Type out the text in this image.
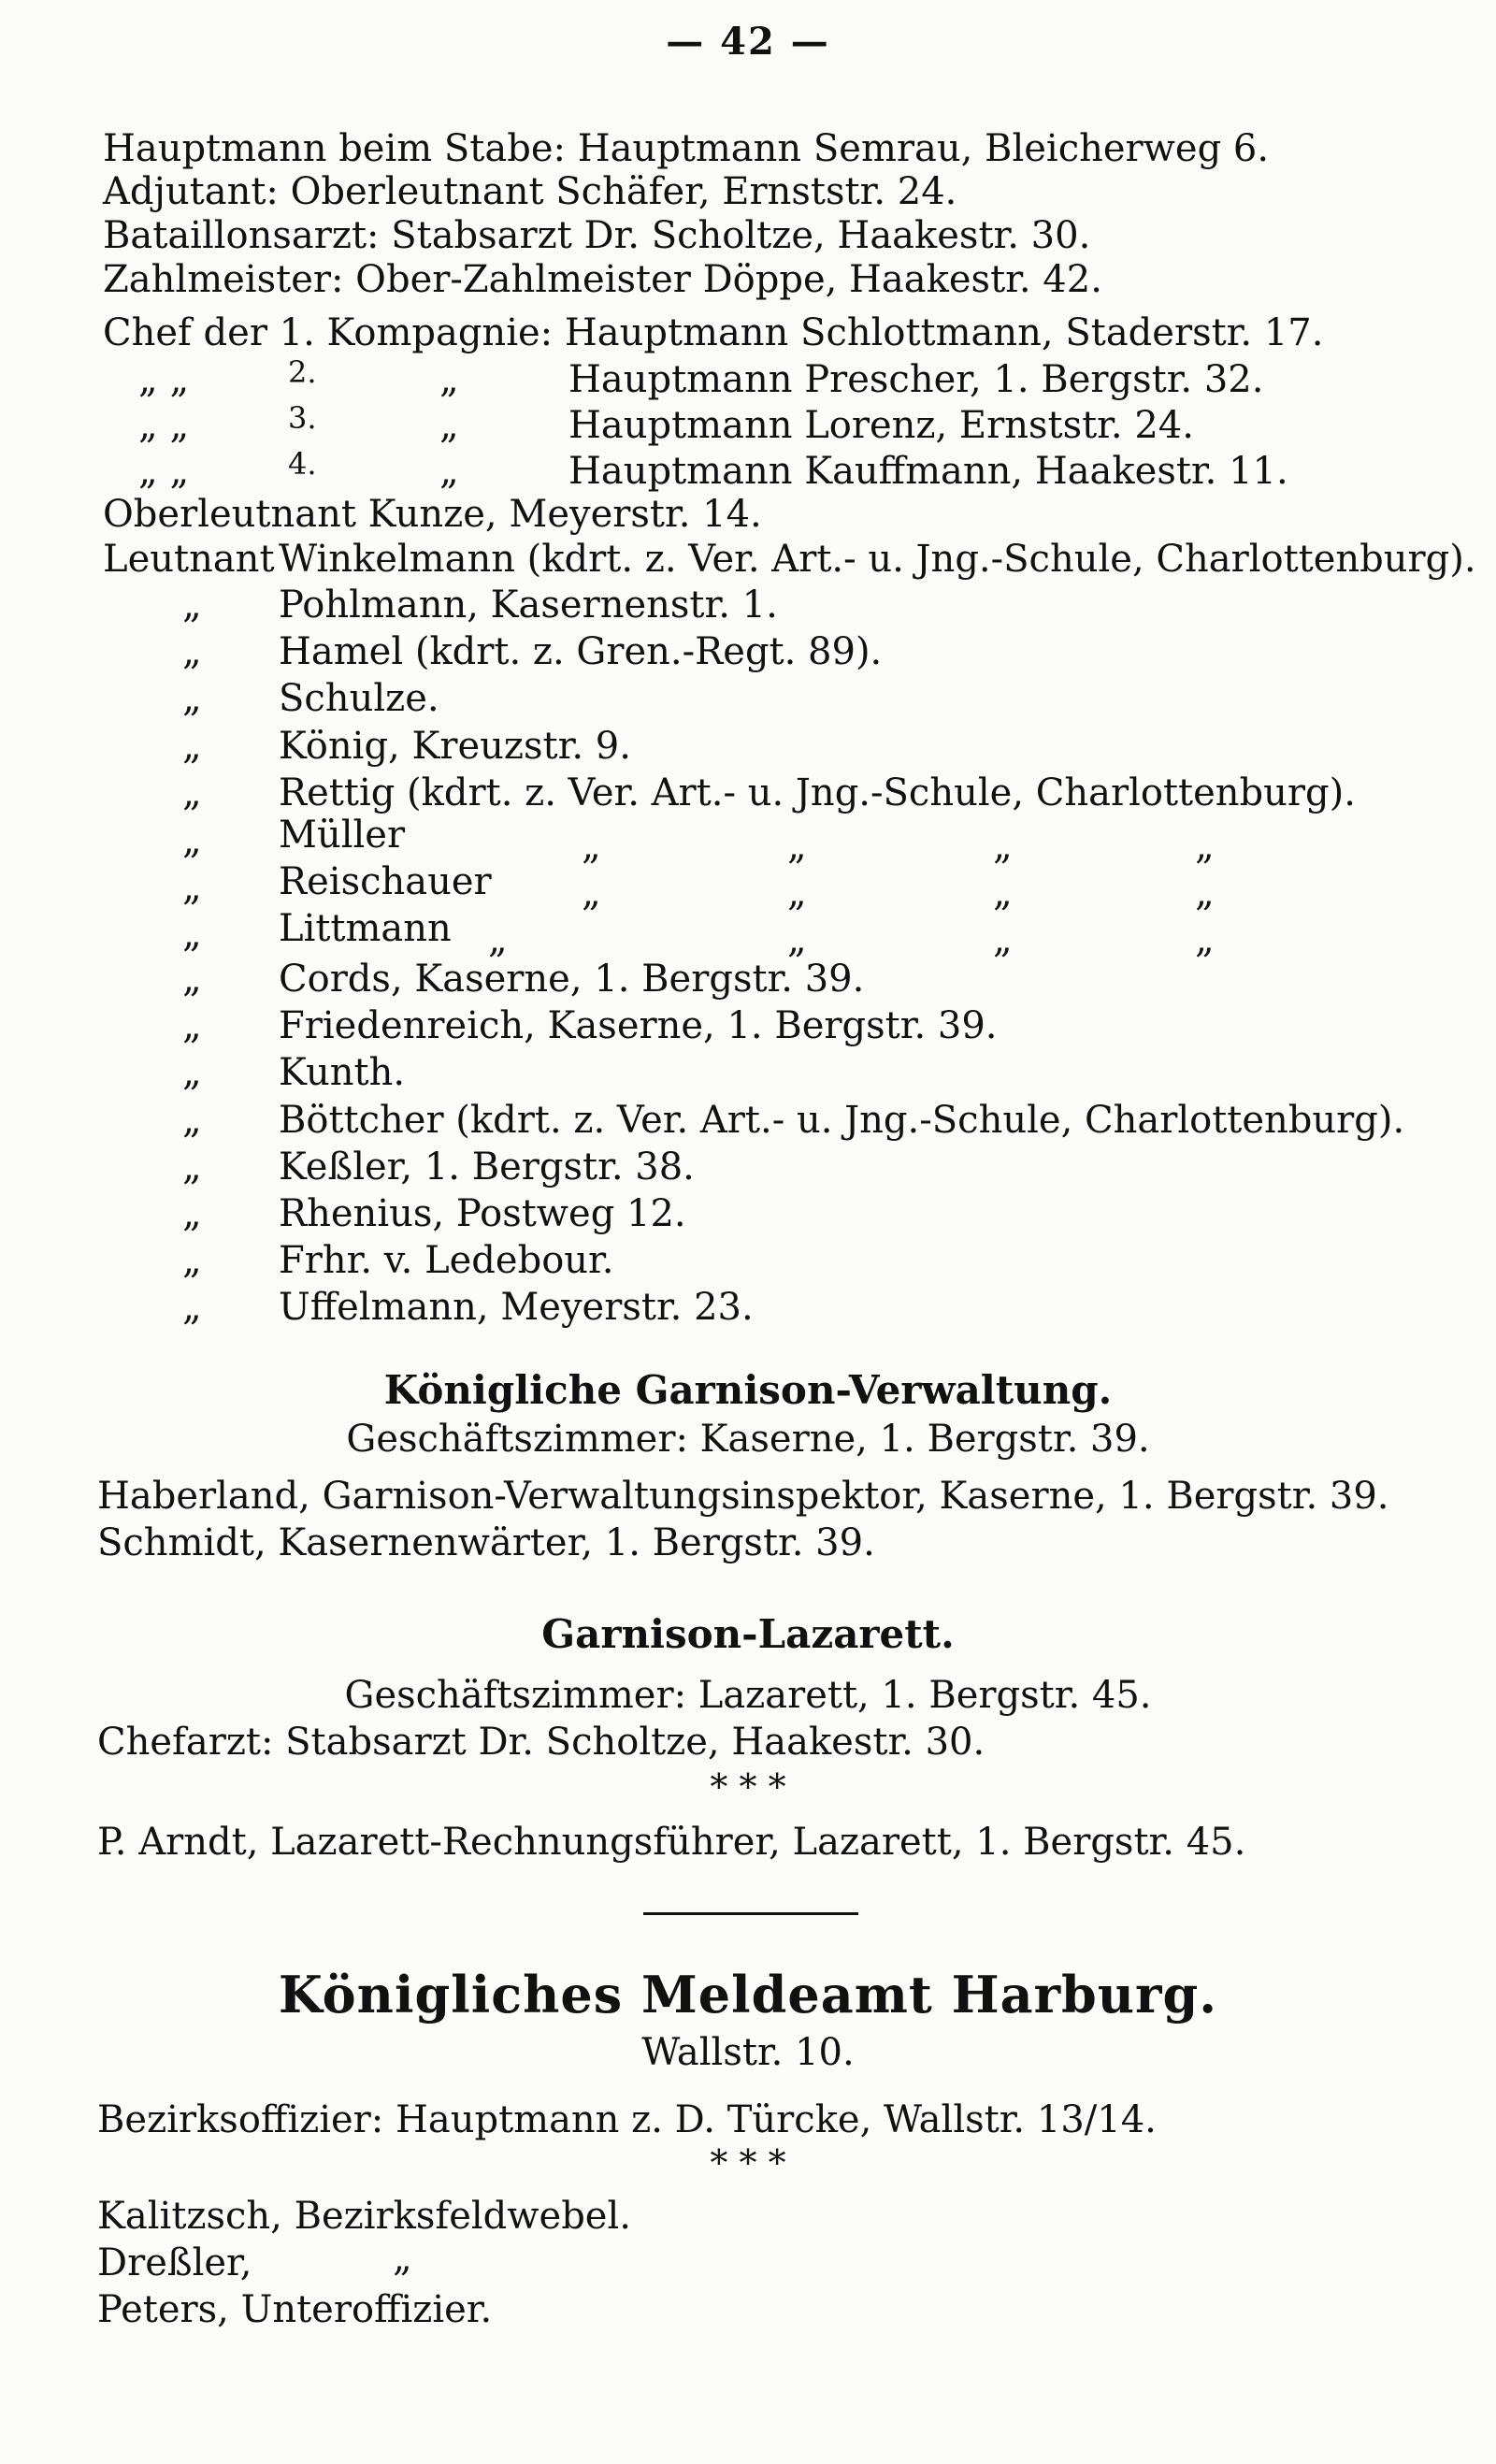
— 42 —
Hauptmann beim Stabe: Hauptmann Semrau, Bleicherweg 6.
Adjutant: Oberleutnant Schäfer, Ernststr. 24.
Bataillonsarzt: Stabsarzt Dr. Scholtze, Haakestr. 30.
Zahlmeister: Ober-Zahlmeister Döppe, Haakestr. 42.
Chef der 1. Kompagnie: Hauptmann Schlottmann, Staderstr. 17.
„ „	2.	„	Hauptmann Prescher, 1. Bergstr. 32.
„ „	3.	„	Hauptmann Lorenz, Ernststr. 24.
„ „	4.	„	Hauptmann Kauffmann, Haakestr. 11.
Oberleutnant Kunze, Meyerstr. 14.
Leutnant Winkelmann (kdrt. z. Ver. Art.- u. Jng.-Schule, Charlottenburg).
„ Pohlmann, Kasernenstr. 1.
„ Hamel (kdrt. z. Gren.-Regt. 89).
„ Schulze.
„ König, Kreuzstr. 9.
„ Rettig (kdrt. z. Ver. Art.- u. Jng.-Schule, Charlottenburg).
„ Müller	„	„	„	„
„ Reischauer „	„	„	„
„ Littmann „	„	„	„
„ Cords, Kaserne, 1. Bergstr. 39.
„ Friedenreich, Kaserne, 1. Bergstr. 39.
„ Kunth.
„ Böttcher (kdrt. z. Ver. Art.- u. Jng.-Schule, Charlottenburg).
„ Keßler, 1. Bergstr. 38.
„ Rhenius, Postweg 12.
„ Frhr. v. Ledebour.
„ Uffelmann, Meyerstr. 23.
Königliche Garnison-Verwaltung.
Geschäftszimmer: Kaserne, 1. Bergstr. 39.
Haberland, Garnison-Verwaltungsinspektor, Kaserne, 1. Bergstr. 39.
Schmidt, Kasernenwärter, 1. Bergstr. 39.
Garnison-Lazarett.
Geschäftszimmer: Lazarett, 1. Bergstr. 45.
Chefarzt: Stabsarzt Dr. Scholtze, Haakestr. 30.
* * *
P. Arndt, Lazarett-Rechnungsführer, Lazarett, 1. Bergstr. 45.
Königliches Meldeamt Harburg.
Wallstr. 10.
Bezirksoffizier: Hauptmann z. D. Türcke, Wallstr. 13/14.
* * *
Kalitzsch, Bezirksfeldwebel.
Dreßler,	„
Peters, Unteroffizier.
